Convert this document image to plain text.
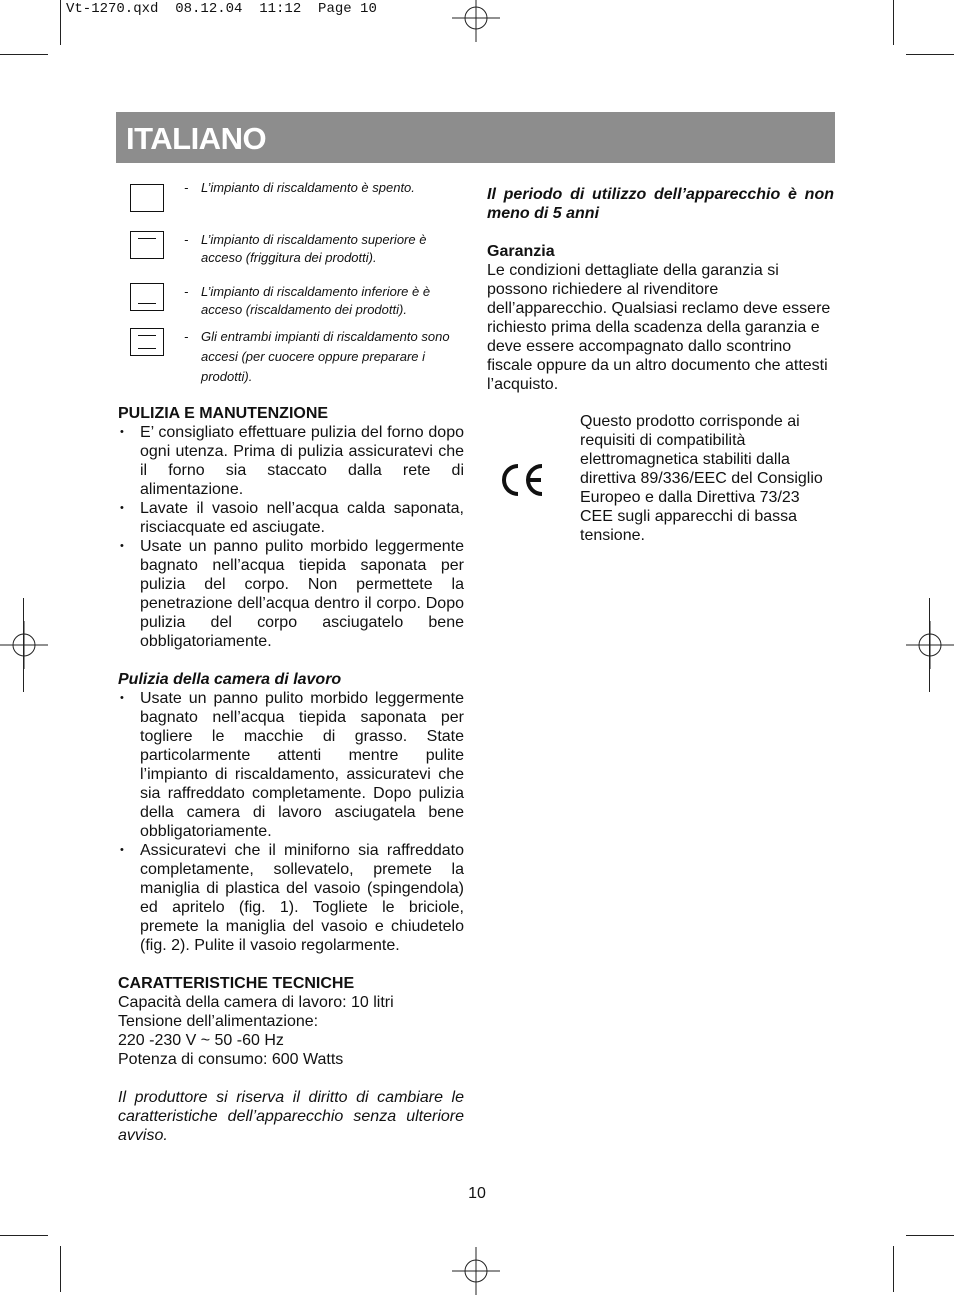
Vt-1270.qxd  08.12.04  11:12  Page 10
ITALIANO
- L’impianto di riscaldamento è spento.
- L’impianto di riscaldamento superiore è acceso (friggitura dei prodotti).
- L’impianto di riscaldamento inferiore è è acceso (riscaldamento dei prodotti).
- Gli entrambi impianti di riscaldamento sono accesi (per cuocere oppure preparare i prodotti).
PULIZIA E MANUTENZIONE
• E’ consigliato effettuare pulizia del forno dopo ogni utenza. Prima di pulizia assicuratevi che il forno sia staccato dalla rete di alimentazione.
• Lavate il vasoio nell’acqua calda saponata, risciacquate ed asciugate.
• Usate un panno pulito morbido leggermente bagnato nell’acqua tiepida saponata per pulizia del corpo. Non permettete la penetrazione dell’acqua dentro il corpo. Dopo pulizia del corpo asciugatelo bene obbligatoriamente.
Pulizia della camera di lavoro
• Usate un panno pulito morbido leggermente bagnato nell’acqua tiepida saponata per togliere le macchie di grasso. State particolarmente attenti mentre pulite l’impianto di riscaldamento, assicuratevi che sia raffreddato completamente. Dopo pulizia della camera di lavoro asciugatela bene obbligatoriamente.
• Assicuratevi che il miniforno sia raffreddato completamente, sollevatelo, premete la maniglia di plastica del vasoio (spingendola) ed apritelo (fig. 1). Togliete le briciole, premete la maniglia del vasoio e chiudetelo (fig. 2). Pulite il vasoio regolarmente.
CARATTERISTICHE TECNICHE

Capacità della camera di lavoro: 10 litri

Tensione dell’alimentazione:

220 -230 V ~ 50 -60 Hz

Potenza di consumo: 600 Watts

Il produttore si riserva il diritto di cambiare le caratteristiche dell’apparecchio senza ulteriore avviso.

Il periodo di utilizzo dell’apparecchio è non meno di 5 anni

Garanzia

Le condizioni dettagliate della garanzia si possono richiedere al rivenditore dell’apparecchio. Qualsiasi reclamo deve essere richiesto prima della scadenza della garanzia e deve essere accompagnato dallo scontrino fiscale oppure da un altro documento che attesti l’acquisto.

Questo prodotto corrisponde ai requisiti di compatibilità elettromagnetica stabiliti dalla direttiva 89/336/EEC del Consiglio Europeo e dalla Direttiva 73/23 CEE sugli apparecchi di bassa tensione.

10
